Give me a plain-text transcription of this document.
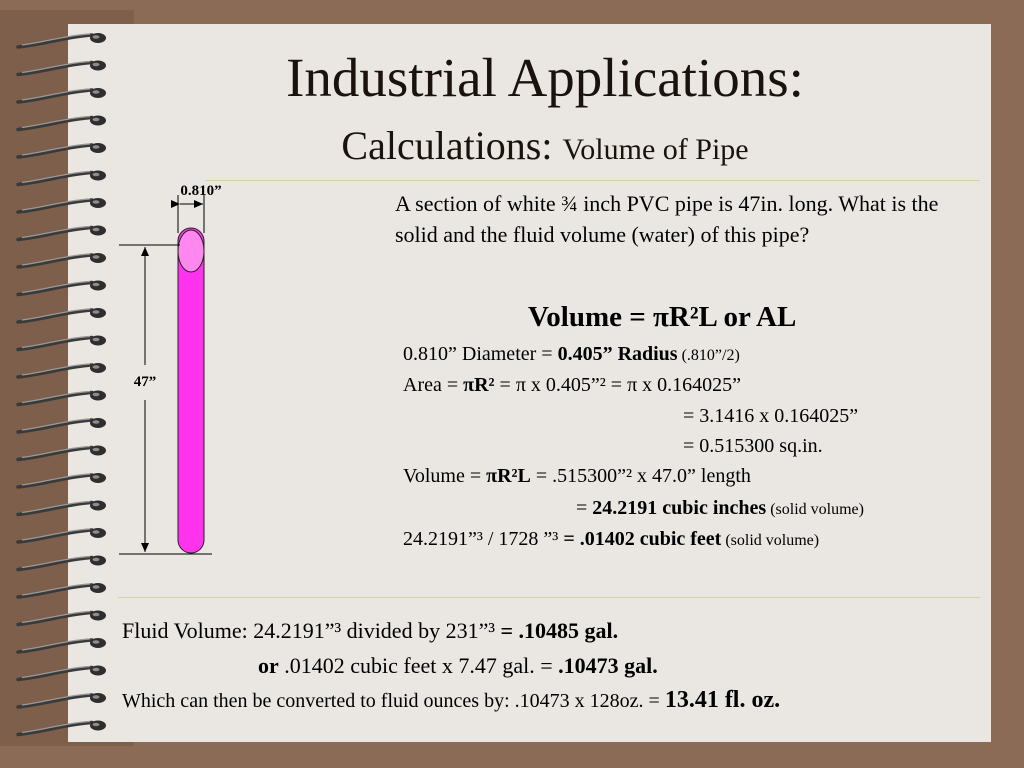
Industrial Applications:
Calculations: Volume of Pipe
0.810”
47”
A section of white ¾ inch PVC pipe is 47in. long. What is the solid and the fluid volume (water) of this pipe?
Volume = πR²L or AL
0.810” Diameter = 0.405” Radius (.810”/2)
Area = πR² = π x 0.405”² = π x 0.164025”
= 3.1416 x 0.164025”
= 0.515300 sq.in.
Volume = πR²L = .515300”² x 47.0” length
= 24.2191 cubic inches (solid volume)
24.2191”³ / 1728 ”³ = .01402 cubic feet (solid volume)
Fluid Volume: 24.2191”³ divided by 231”³ = .10485 gal.
or .01402 cubic feet x 7.47 gal. = .10473 gal.
Which can then be converted to fluid ounces by: .10473 x 128oz. = 13.41 fl. oz.
